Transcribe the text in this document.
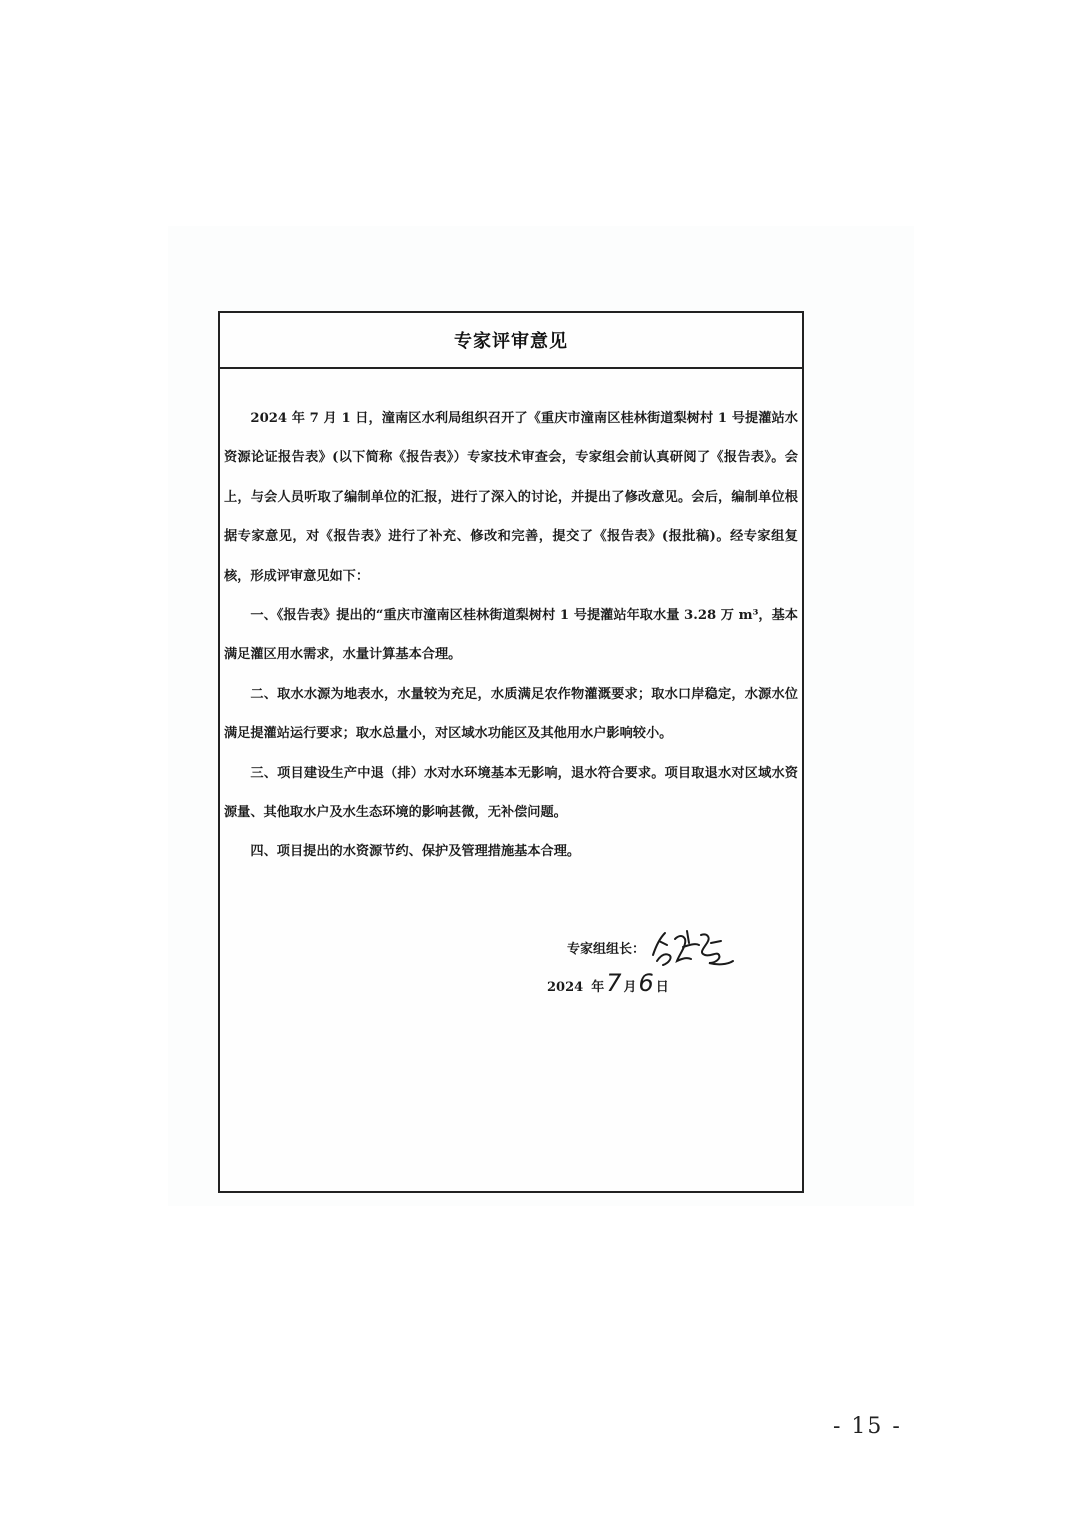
专家评审意见

2024 年 7 月 1 日，潼南区水利局组织召开了《重庆市潼南区桂林街道梨树村 1 号提灌站水资源论证报告表》(以下简称《报告表》）专家技术审查会，专家组会前认真研阅了《报告表》。会上，与会人员听取了编制单位的汇报，进行了深入的讨论，并提出了修改意见。会后，编制单位根据专家意见，对《报告表》进行了补充、修改和完善，提交了《报告表》(报批稿)。经专家组复核，形成评审意见如下：

一、《报告表》提出的“重庆市潼南区桂林街道梨树村 1 号提灌站年取水量 3.28 万 m³，基本满足灌区用水需求，水量计算基本合理。

二、取水水源为地表水，水量较为充足，水质满足农作物灌溉要求；取水口岸稳定，水源水位满足提灌站运行要求；取水总量小，对区域水功能区及其他用水户影响较小。

三、项目建设生产中退（排）水对水环境基本无影响，退水符合要求。项目取退水对区域水资源量、其他取水户及水生态环境的影响甚微，无补偿问题。

四、项目提出的水资源节约、保护及管理措施基本合理。

专家组组长：
2024 年 7 月 6 日
- 15 -
